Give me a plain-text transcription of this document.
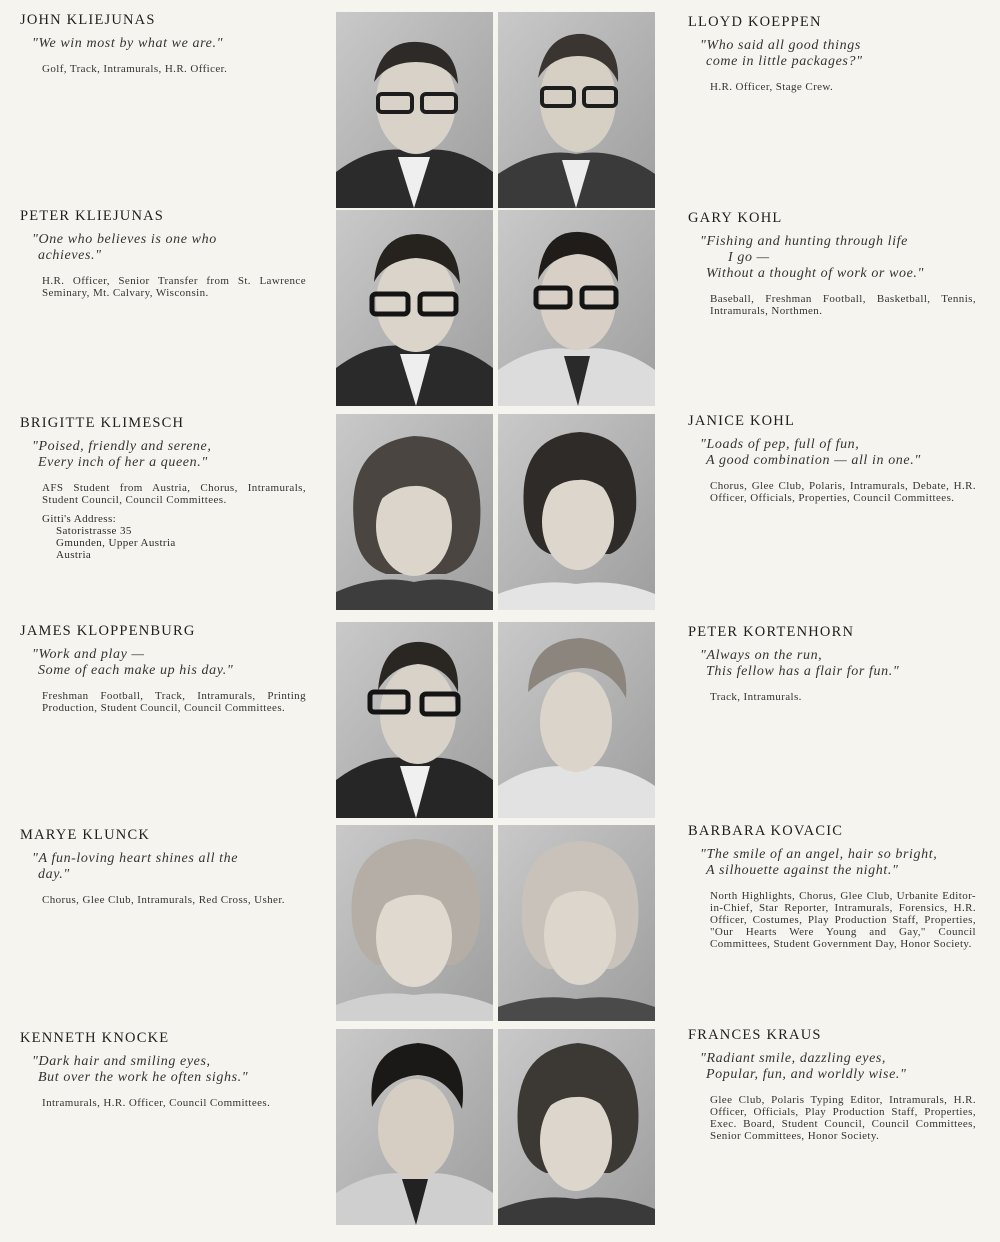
JOHN KLIEJUNAS
"We win most by what we are."
Golf, Track, Intramurals, H.R. Officer.
PETER KLIEJUNAS
"One who believes is one who
achieves."
H.R. Officer, Senior Transfer from St. Lawrence Seminary, Mt. Calvary, Wisconsin.
BRIGITTE KLIMESCH
"Poised, friendly and serene,
Every inch of her a queen."
AFS Student from Austria, Chorus, Intramurals, Student Council, Council Committees.
Gitti's Address:
Satoristrasse 35
Gmunden, Upper Austria
Austria
JAMES KLOPPENBURG
"Work and play —
Some of each make up his day."
Freshman Football, Track, Intramurals, Printing Production, Student Council, Council Committees.
MARYE KLUNCK
"A fun-loving heart shines all the
day."
Chorus, Glee Club, Intramurals, Red Cross, Usher.
KENNETH KNOCKE
"Dark hair and smiling eyes,
But over the work he often sighs."
Intramurals, H.R. Officer, Council Committees.
LLOYD KOEPPEN
"Who said all good things
come in little packages?"
H.R. Officer, Stage Crew.
GARY KOHL
"Fishing and hunting through life
I go —
Without a thought of work or woe."
Baseball, Freshman Football, Basketball, Tennis, Intramurals, Northmen.
JANICE KOHL
"Loads of pep, full of fun,
A good combination — all in one."
Chorus, Glee Club, Polaris, Intramurals, Debate, H.R. Officer, Officials, Properties, Council Committees.
PETER KORTENHORN
"Always on the run,
This fellow has a flair for fun."
Track, Intramurals.
BARBARA KOVACIC
"The smile of an angel, hair so bright,
A silhouette against the night."
North Highlights, Chorus, Glee Club, Urbanite Editor-in-Chief, Star Reporter, Intramurals, Forensics, H.R. Officer, Costumes, Play Production Staff, Properties, "Our Hearts Were Young and Gay," Council Committees, Student Government Day, Honor Society.
FRANCES KRAUS
"Radiant smile, dazzling eyes,
Popular, fun, and worldly wise."
Glee Club, Polaris Typing Editor, Intramurals, H.R. Officer, Officials, Play Production Staff, Properties, Exec. Board, Student Council, Council Committees, Senior Committees, Honor Society.
